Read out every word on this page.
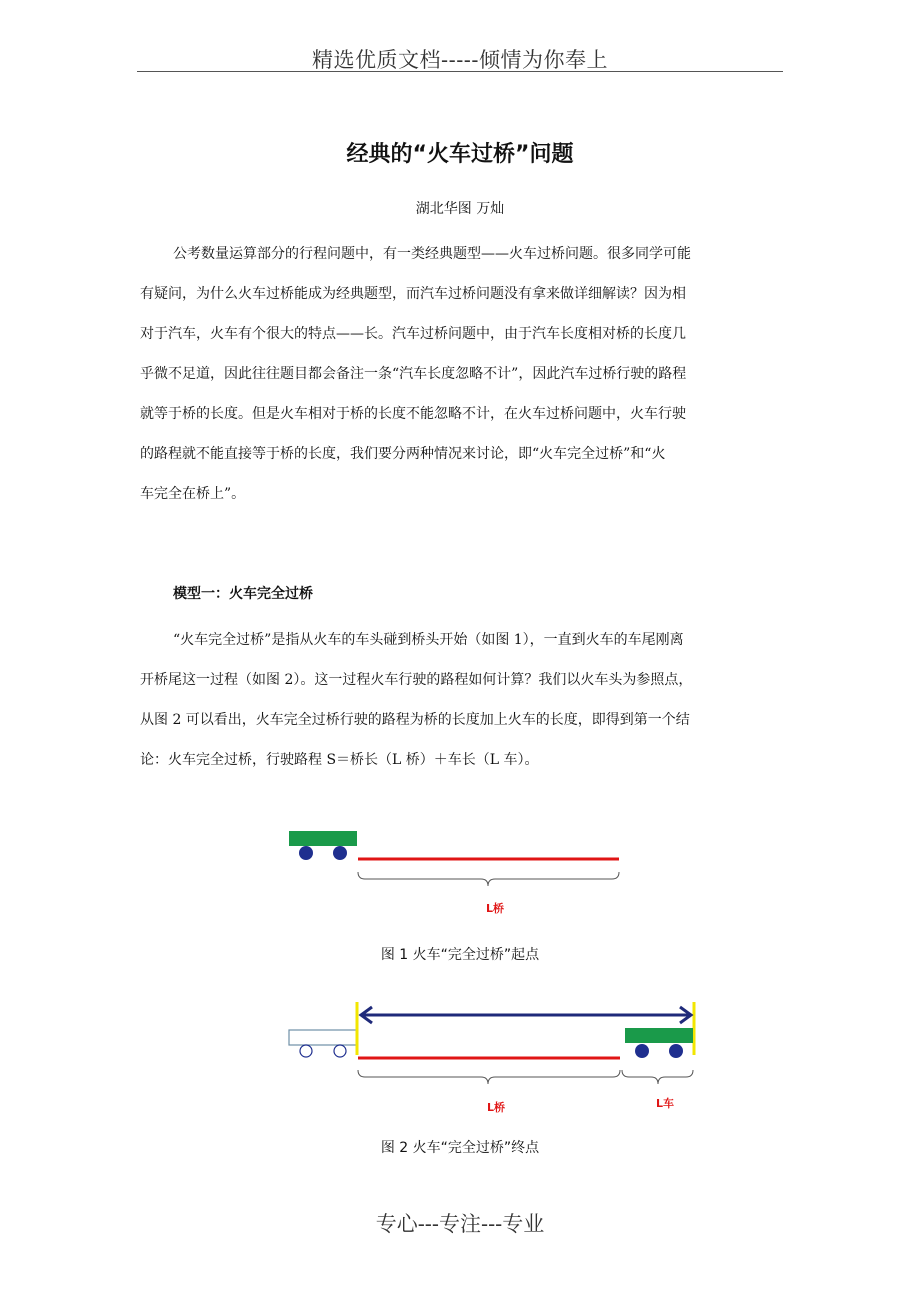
精选优质文档-----倾情为你奉上
经典的“火车过桥”问题
湖北华图 万灿
公考数量运算部分的行程问题中，有一类经典题型——火车过桥问题。很多同学可能
有疑问，为什么火车过桥能成为经典题型，而汽车过桥问题没有拿来做详细解读？因为相
对于汽车，火车有个很大的特点——长。汽车过桥问题中，由于汽车长度相对桥的长度几
乎微不足道，因此往往题目都会备注一条“汽车长度忽略不计”，因此汽车过桥行驶的路程
就等于桥的长度。但是火车相对于桥的长度不能忽略不计，在火车过桥问题中，火车行驶
的路程就不能直接等于桥的长度，我们要分两种情况来讨论，即“火车完全过桥”和“火
车完全在桥上”。
模型一：火车完全过桥
“火车完全过桥”是指从火车的车头碰到桥头开始（如图 1），一直到火车的车尾刚离
开桥尾这一过程（如图 2）。这一过程火车行驶的路程如何计算？我们以火车头为参照点，
从图 2 可以看出，火车完全过桥行驶的路程为桥的长度加上火车的长度，即得到第一个结
论：火车完全过桥，行驶路程 S＝桥长（L 桥）＋车长（L 车）。
L桥
图 1 火车“完全过桥”起点
L桥	L车
图 2 火车“完全过桥”终点
专心---专注---专业
